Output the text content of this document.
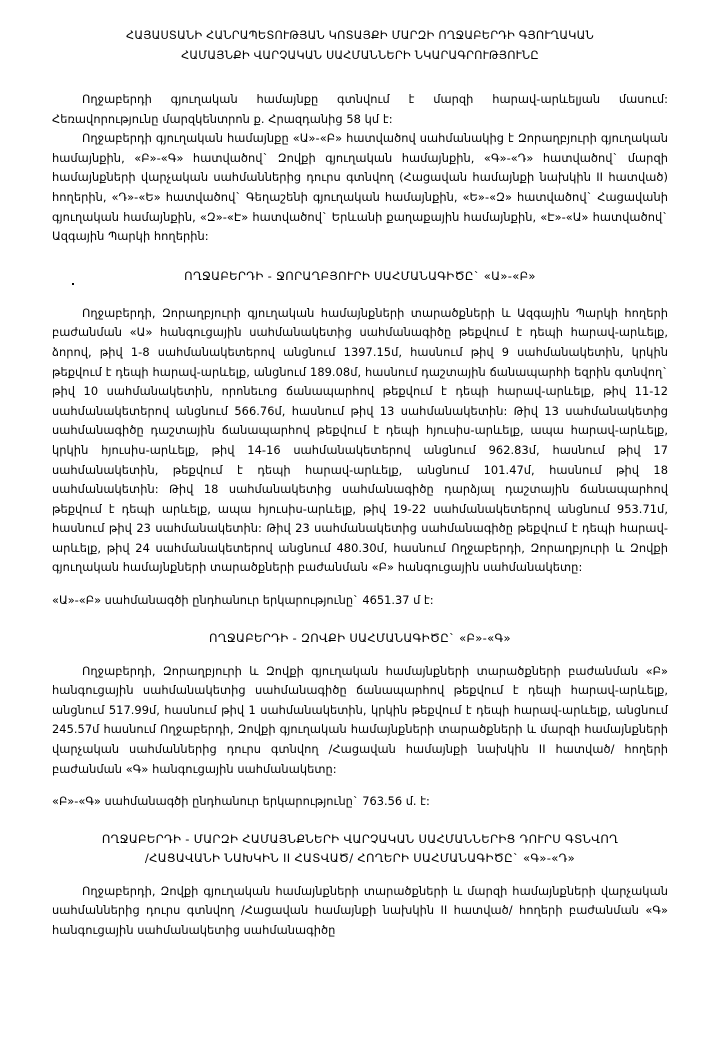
ՀԱՅԱՍՏԱՆԻ ՀԱՆՐԱՊԵՏՈՒԹՅԱՆ ԿՈՏԱՅՔԻ ՄԱՐԶԻ ՈՂՋԱԲԵՐԴԻ ԳՅՈՒՂԱԿԱՆ
ՀԱՄԱՅՆՔԻ ՎԱՐՉԱԿԱՆ ՍԱՀՄԱՆՆԵՐԻ ՆԿԱՐԱԳՐՈՒԹՅՈՒՆԸ

Ողջաբերդի գյուղական համայնքը գտնվում է մարզի հարավ-արևելյան մասում: Հեռավորությունը մարզկենտրոն ք. Հրազդանից 58 կմ է:

Ողջաբերդի գյուղական համայնքը «Ա»-«Բ» հատվածով սահմանակից է Զորաղբյուրի գյուղական համայնքին, «Բ»-«Գ» հատվածով` Զովքի գյուղական համայնքին, «Գ»-«Դ» հատվածով` մարզի համայնքների վարչական սահմաններից դուրս գտնվող (Հացավան համայնքի նախկին II հատված) հողերին, «Դ»-«Ե» հատվածով` Գեղաշենի գյուղական համայնքին, «Ե»-«Զ» հատվածով` Հացավանի գյուղական համայնքին, «Զ»-«Է» հատվածով` Երևանի քաղաքային համայնքին, «Է»-«Ա» հատվածով` Ազգային Պարկի հողերին:

ՈՂՋԱԲԵՐԴԻ - ՋՈՐԱՂԲՅՈՒՐԻ ՍԱՀՄԱՆԱԳԻԾԸ` «Ա»-«Բ»

Ողջաբերդի, Զորաղբյուրի գյուղական համայնքների տարածքների և Ազգային Պարկի հողերի բաժանման «Ա» հանգուցային սահմանակետից սահմանագիծը թեքվում է դեպի հարավ-արևելք, ձորով, թիվ 1-8 սահմանակետերով անցնում 1397.15մ, հասնում թիվ 9 սահմանակետին, կրկին թեքվում է դեպի հարավ-արևելք, անցնում 189.08մ, հասնում դաշտային ճանապարհի եզրին գտնվող` թիվ 10 սահմանակետին, որոնեւոց ճանապարհով թեքվում է դեպի հարավ-արևելք, թիվ 11-12 սահմանակետերով անցնում 566.76մ, հասնում թիվ 13 սահմանակետին: Թիվ 13 սահմանակետից սահմանագիծը դաշտային ճանապարհով թեքվում է դեպի հյուսիս-արևելք, ապա հարավ-արևելք, կրկին հյուսիս-արևելք, թիվ 14-16 սահմանակետերով անցնում 962.83մ, հասնում թիվ 17 սահմանակետին, թեքվում է դեպի հարավ-արևելք, անցնում 101.47մ, հասնում թիվ 18 սահմանակետին: Թիվ 18 սահմանակետից սահմանագիծը դարձյալ դաշտային ճանապարհով թեքվում է դեպի արևելք, ապա հյուսիս-արևելք, թիվ 19-22 սահմանակետերով անցնում 953.71մ, հասնում թիվ 23 սահմանակետին: Թիվ 23 սահմանակետից սահմանագիծը թեքվում է դեպի հարավ-արևելք, թիվ 24 սահմանակետերով անցնում 480.30մ, հասնում Ողջաբերդի, Զորաղբյուրի և Զովքի գյուղական համայնքների տարածքների բաժանման «Բ» հանգուցային սահմանակետը:

«Ա»-«Բ» սահմանագծի ընդհանուր երկարությունը` 4651.37 մ է:

ՈՂՋԱԲԵՐԴԻ - ԶՈՎՔԻ ՍԱՀՄԱՆԱԳԻԾԸ` «Բ»-«Գ»

Ողջաբերդի, Զորաղբյուրի և Զովքի գյուղական համայնքների տարածքների բաժանման «Բ» հանգուցային սահմանակետից սահմանագիծը ճանապարհով թեքվում է դեպի հարավ-արևելք, անցնում 517.99մ, հասնում թիվ 1 սահմանակետին, կրկին թեքվում է դեպի հարավ-արևելք, անցնում 245.57մ հասնում Ողջաբերդի, Զովքի գյուղական համայնքների տարածքների և մարզի համայնքների վարչական սահմաններից դուրս գտնվող /Հացավան համայնքի նախկին II հատված/ հողերի բաժանման «Գ» հանգուցային սահմանակետը:

«Բ»-«Գ» սահմանագծի ընդհանուր երկարությունը` 763.56 մ. է:

ՈՂՋԱԲԵՐԴԻ - ՄԱՐԶԻ ՀԱՄԱՅՆՔՆԵՐԻ ՎԱՐՉԱԿԱՆ ՍԱՀՄԱՆՆԵՐԻՑ ԴՈՒՐՍ ԳՏՆՎՈՂ
/ՀԱՑԱՎԱՆԻ ՆԱԽԿԻՆ II ՀԱՏՎԱԾ/ ՀՈՂԵՐԻ ՍԱՀՄԱՆԱԳԻԾԸ` «Գ»-«Դ»

Ողջաբերդի, Զովքի գյուղական համայնքների տարածքների և մարզի համայնքների վարչական սահմաններից դուրս գտնվող /Հացավան համայնքի նախկին II հատված/ հողերի բաժանման «Գ» հանգուցային սահմանակետից սահմանագիծը
